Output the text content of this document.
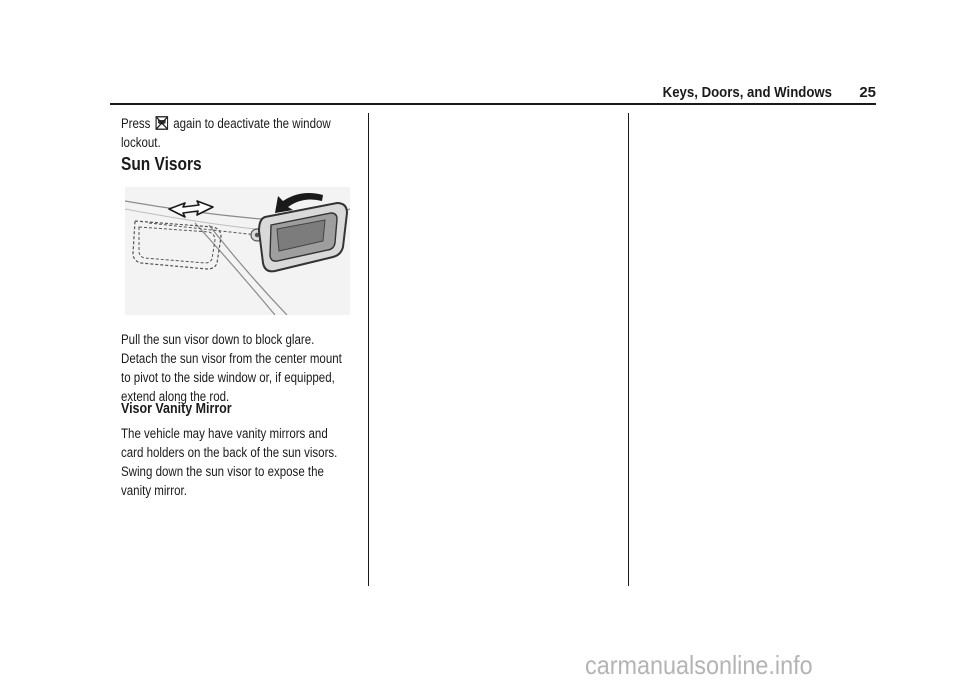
Keys, Doors, and Windows	25
Press again to deactivate the window
lockout.
Sun Visors
Pull the sun visor down to block glare.
Detach the sun visor from the center mount
to pivot to the side window or, if equipped,
extend along the rod.
Visor Vanity Mirror
The vehicle may have vanity mirrors and
card holders on the back of the sun visors.
Swing down the sun visor to expose the
vanity mirror.
carmanualsonline.info
